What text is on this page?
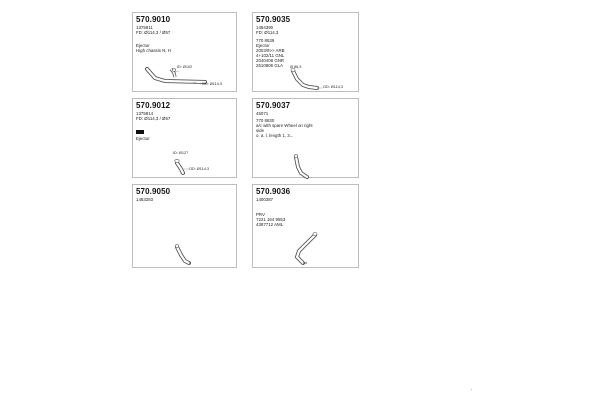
570.9010
1375811
FD: Ø114,3 / Ø57
Ejector
High chassis N, H
ID: Ø102
OD: Ø114,3
570.9035
1484390
FD: Ø114,3
770 8539
Ejector
2003/9>> ARB
4+102/11 GNL
2040408 GNR
2510806 GLA Ø 86,3
OD: Ø114,3
570.9012
1375814
FD: Ø114,3 / Ø57
Ejector
ID: Ø127
OD: Ø114,3
570.9037
46071
770 8830
a/c with spare Wheel on right
side
o. a. l. length 1, 3...
570.9050
1483283
570.9036
1400387
PRV
7221 164 9553
4387712 AML
